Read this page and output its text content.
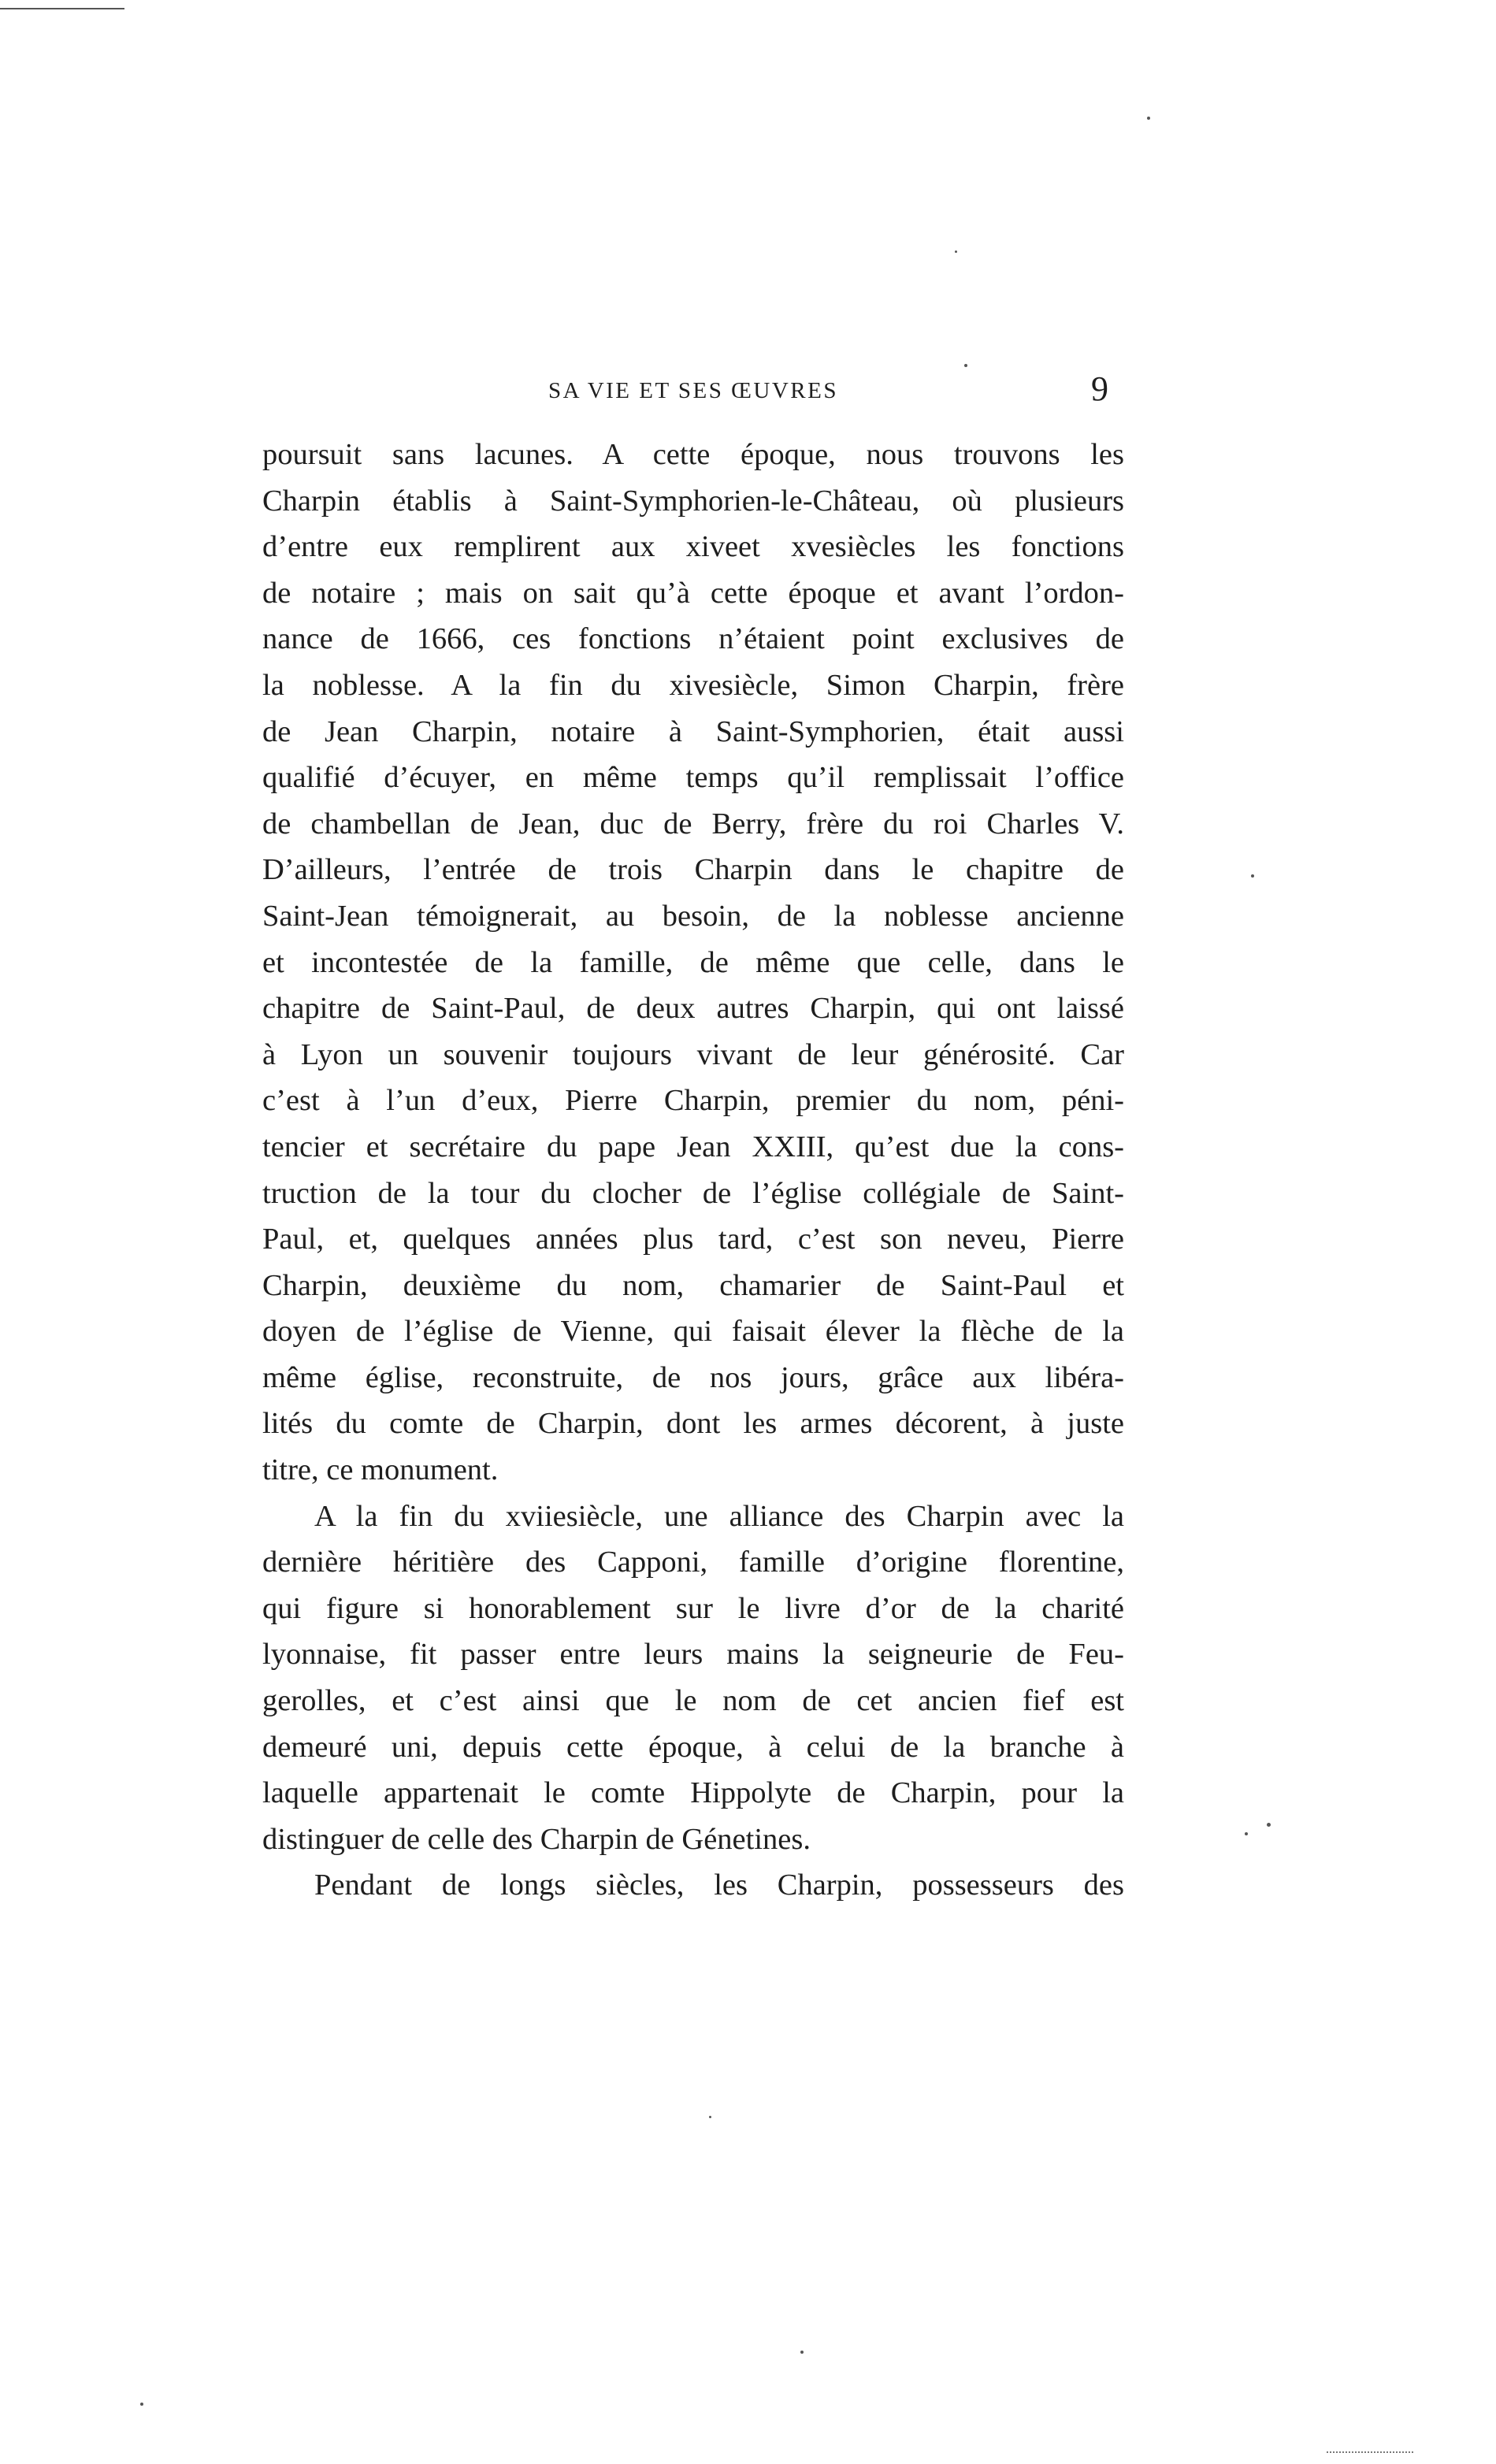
SA VIE ET SES ŒUVRES	9
poursuit sans lacunes. A cette époque, nous trouvons les
Charpin établis à Saint-Symphorien-le-Château, où plusieurs
d’entre eux remplirent aux xiveet xvesiècles les fonctions
de notaire ; mais on sait qu’à cette époque et avant l’ordon-
nance de 1666, ces fonctions n’étaient point exclusives de
la noblesse. A la fin du xivesiècle, Simon Charpin, frère
de Jean Charpin, notaire à Saint-Symphorien, était aussi
qualifié d’écuyer, en même temps qu’il remplissait l’office
de chambellan de Jean, duc de Berry, frère du roi Charles V.
D’ailleurs, l’entrée de trois Charpin dans le chapitre de
Saint-Jean témoignerait, au besoin, de la noblesse ancienne
et incontestée de la famille, de même que celle, dans le
chapitre de Saint-Paul, de deux autres Charpin, qui ont laissé
à Lyon un souvenir toujours vivant de leur générosité. Car
c’est à l’un d’eux, Pierre Charpin, premier du nom, péni-
tencier et secrétaire du pape Jean XXIII, qu’est due la cons-
truction de la tour du clocher de l’église collégiale de Saint-
Paul, et, quelques années plus tard, c’est son neveu, Pierre
Charpin, deuxième du nom, chamarier de Saint-Paul et
doyen de l’église de Vienne, qui faisait élever la flèche de la
même église, reconstruite, de nos jours, grâce aux libéra-
lités du comte de Charpin, dont les armes décorent, à juste
titre, ce monument.
A la fin du xviiesiècle, une alliance des Charpin avec la
dernière héritière des Capponi, famille d’origine florentine,
qui figure si honorablement sur le livre d’or de la charité
lyonnaise, fit passer entre leurs mains la seigneurie de Feu-
gerolles, et c’est ainsi que le nom de cet ancien fief est
demeuré uni, depuis cette époque, à celui de la branche à
laquelle appartenait le comte Hippolyte de Charpin, pour la
distinguer de celle des Charpin de Génetines.
Pendant de longs siècles, les Charpin, possesseurs des
